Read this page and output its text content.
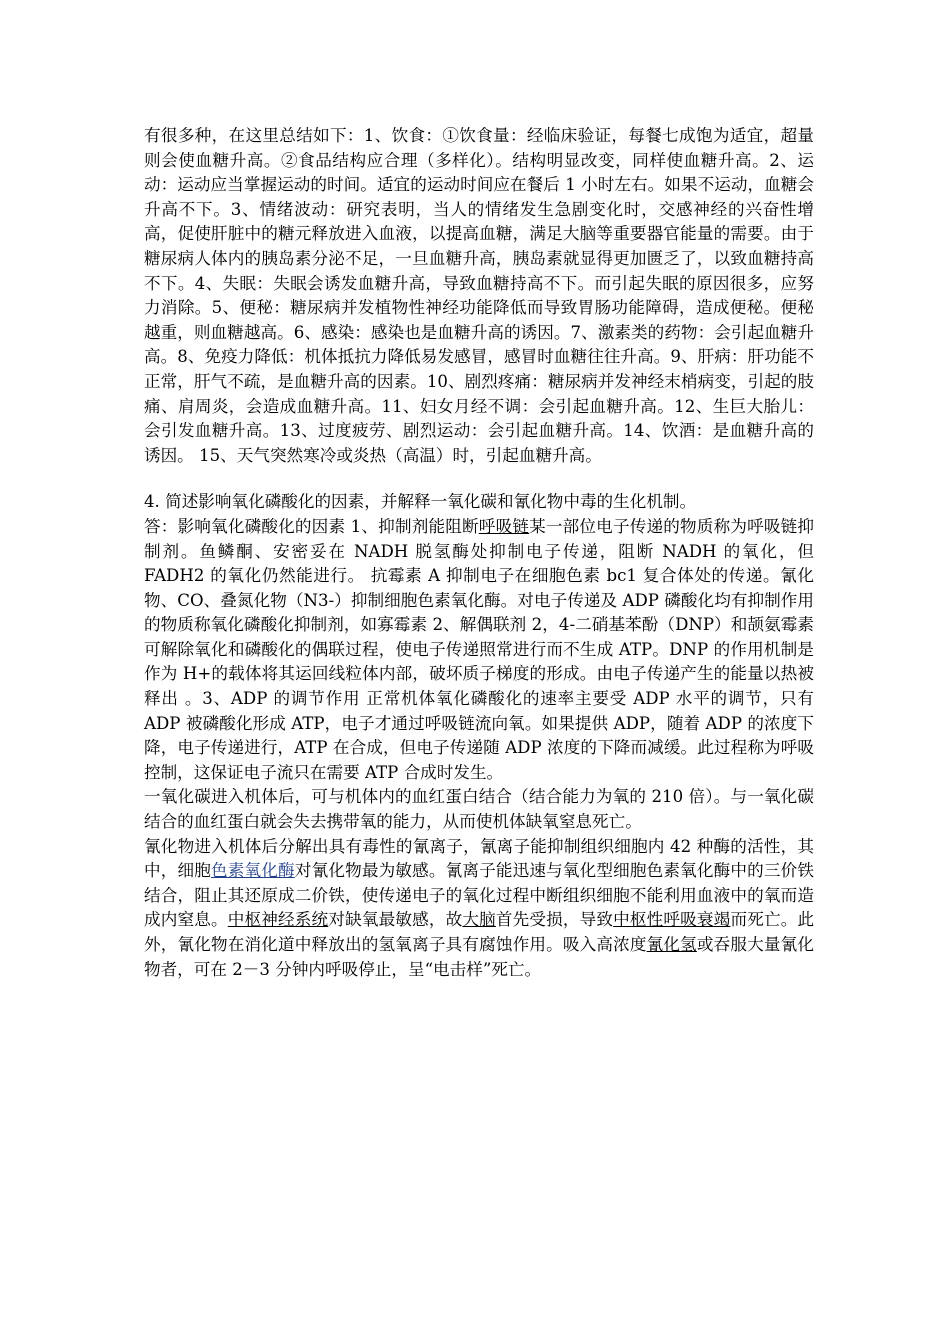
有很多种，在这里总结如下：1、饮食：①饮食量：经临床验证，每餐七成饱为适宜，超量则会使血糖升高。②食品结构应合理（多样化）。结构明显改变，同样使血糖升高。2、运动：运动应当掌握运动的时间。适宜的运动时间应在餐后 1 小时左右。如果不运动，血糖会升高不下。3、情绪波动：研究表明，当人的情绪发生急剧变化时，交感神经的兴奋性增高，促使肝脏中的糖元释放进入血液，以提高血糖，满足大脑等重要器官能量的需要。由于糖尿病人体内的胰岛素分泌不足，一旦血糖升高，胰岛素就显得更加匮乏了，以致血糖持高不下。4、失眠：失眠会诱发血糖升高，导致血糖持高不下。而引起失眠的原因很多，应努力消除。5、便秘：糖尿病并发植物性神经功能降低而导致胃肠功能障碍，造成便秘。便秘越重，则血糖越高。6、感染：感染也是血糖升高的诱因。7、激素类的药物：会引起血糖升高。8、免疫力降低：机体抵抗力降低易发感冒，感冒时血糖往往升高。9、肝病：肝功能不正常，肝气不疏，是血糖升高的因素。10、剧烈疼痛：糖尿病并发神经末梢病变，引起的肢痛、肩周炎，会造成血糖升高。11、妇女月经不调：会引起血糖升高。12、生巨大胎儿：会引发血糖升高。13、过度疲劳、剧烈运动：会引起血糖升高。14、饮酒：是血糖升高的诱因。 15、天气突然寒冷或炎热（高温）时，引起血糖升高。

4. 简述影响氧化磷酸化的因素，并解释一氧化碳和氰化物中毒的生化机制。

答：影响氧化磷酸化的因素 1、抑制剂能阻断呼吸链某一部位电子传递的物质称为呼吸链抑制剂。鱼鳞酮、安密妥在 NADH 脱氢酶处抑制电子传递，阻断 NADH 的氧化，但 FADH2 的氧化仍然能进行。 抗霉素 A 抑制电子在细胞色素 bc1 复合体处的传递。氰化物、CO、叠氮化物（N3-）抑制细胞色素氧化酶。对电子传递及 ADP 磷酸化均有抑制作用的物质称氧化磷酸化抑制剂，如寡霉素 2、解偶联剂 2，4-二硝基苯酚（DNP）和颉氨霉素可解除氧化和磷酸化的偶联过程，使电子传递照常进行而不生成 ATP。DNP 的作用机制是作为 H+的载体将其运回线粒体内部，破坏质子梯度的形成。由电子传递产生的能量以热被释出 。3、ADP 的调节作用 正常机体氧化磷酸化的速率主要受 ADP 水平的调节，只有 ADP 被磷酸化形成 ATP，电子才通过呼吸链流向氧。如果提供 ADP，随着 ADP 的浓度下降，电子传递进行，ATP 在合成，但电子传递随 ADP 浓度的下降而减缓。此过程称为呼吸控制，这保证电子流只在需要 ATP 合成时发生。

一氧化碳进入机体后，可与机体内的血红蛋白结合（结合能力为氧的 210 倍）。与一氧化碳结合的血红蛋白就会失去携带氧的能力，从而使机体缺氧窒息死亡。

氰化物进入机体后分解出具有毒性的氰离子，氰离子能抑制组织细胞内 42 种酶的活性，其中，细胞色素氧化酶对氰化物最为敏感。氰离子能迅速与氧化型细胞色素氧化酶中的三价铁结合，阻止其还原成二价铁，使传递电子的氧化过程中断组织细胞不能利用血液中的氧而造成内窒息。中枢神经系统对缺氧最敏感，故大脑首先受损，导致中枢性呼吸衰竭而死亡。此外，氰化物在消化道中释放出的氢氧离子具有腐蚀作用。吸入高浓度氰化氢或吞服大量氰化物者，可在 2－3 分钟内呼吸停止，呈“电击样”死亡。
